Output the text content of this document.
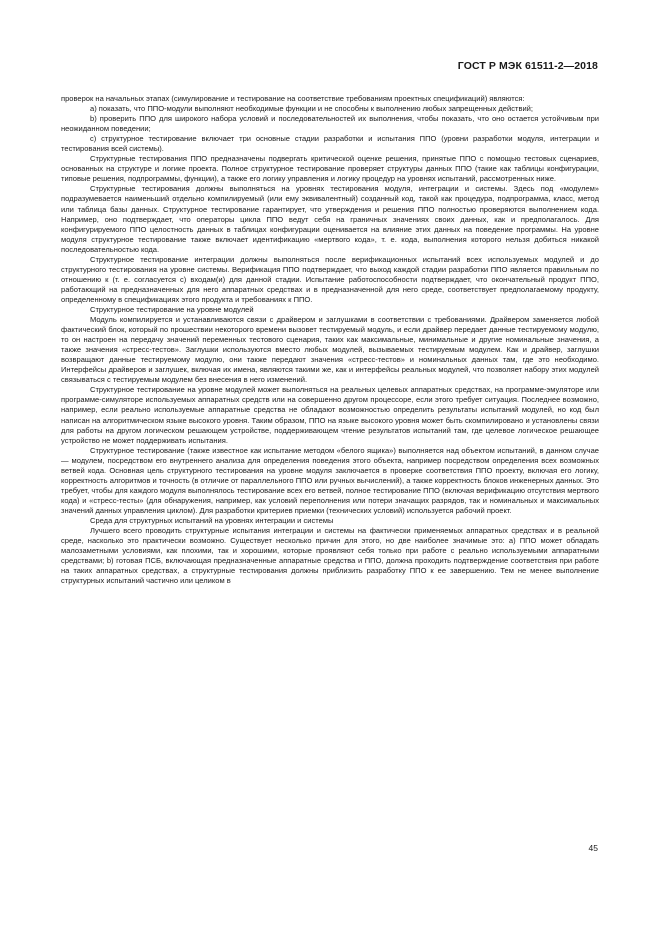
ГОСТ Р МЭК 61511-2—2018

проверок на начальных этапах (симулирование и тестирование на соответствие требованиям проектных спецификаций) являются:

а) показать, что ППО-модули выполняют необходимые функции и не способны к выполнению любых запрещенных действий;

b) проверить ППО для широкого набора условий и последовательностей их выполнения, чтобы показать, что оно остается устойчивым при неожиданном поведении;

с) структурное тестирование включает три основные стадии разработки и испытания ППО (уровни разработки модуля, интеграции и тестирования всей системы).

Структурные тестирования ППО предназначены подвергать критической оценке решения, принятые ППО с помощью тестовых сценариев, основанных на структуре и логике проекта. Полное структурное тестирование проверяет структуры данных ППО (такие как таблицы конфигурации, типовые решения, подпрограммы, функции), а также его логику управления и логику процедур на уровнях испытаний, рассмотренных ниже.

Структурные тестирования должны выполняться на уровнях тестирования модуля, интеграции и системы. Здесь под «модулем» подразумевается наименьший отдельно компилируемый (или ему эквивалентный) созданный код, такой как процедура, подпрограмма, класс, метод или таблица базы данных. Структурное тестирование гарантирует, что утверждения и решения ППО полностью проверяются выполнением кода. Например, оно подтверждает, что операторы цикла ППО ведут себя на граничных значениях своих данных, как и предполагалось. Для конфигурируемого ППО целостность данных в таблицах конфигурации оценивается на влияние этих данных на поведение программы. На уровне модуля структурное тестирование также включает идентификацию «мертвого кода», т. е. кода, выполнения которого нельзя добиться никакой последовательностью кода.

Структурное тестирование интеграции должны выполняться после верификационных испытаний всех используемых модулей и до структурного тестирования на уровне системы. Верификация ППО подтверждает, что выход каждой стадии разработки ППО является правильным по отношению к (т. е. согласуется с) входам(и) для данной стадии. Испытание работоспособности подтверждает, что окончательный продукт ППО, работающий на предназначенных для него аппаратных средствах и в предназначенной для него среде, соответствует предполагаемому продукту, определенному в спецификациях этого продукта и требованиях к ППО.

Структурное тестирование на уровне модулей

Модуль компилируется и устанавливаются связи с драйвером и заглушками в соответствии с требованиями. Драйвером заменяется любой фактический блок, который по прошествии некоторого времени вызовет тестируемый модуль, и если драйвер передает данные тестируемому модулю, то он настроен на передачу значений переменных тестового сценария, таких как максимальные, минимальные и другие номинальные значения, а также значения «стресс-тестов». Заглушки используются вместо любых модулей, вызываемых тестируемым модулем. Как и драйвер, заглушки возвращают данные тестируемому модулю, они также передают значения «стресс-тестов» и номинальных данных там, где это необходимо. Интерфейсы драйверов и заглушек, включая их имена, являются такими же, как и интерфейсы реальных модулей, что позволяет набору этих модулей связываться с тестируемым модулем без внесения в него изменений.

Структурное тестирование на уровне модулей может выполняться на реальных целевых аппаратных средствах, на программе-эмуляторе или программе-симуляторе используемых аппаратных средств или на совершенно другом процессоре, если этого требует ситуация. Последнее возможно, например, если реально используемые аппаратные средства не обладают возможностью определить результаты испытаний модулей, но код был написан на алгоритмическом языке высокого уровня. Таким образом, ППО на языке высокого уровня может быть скомпилировано и установлены связи для работы на другом логическом решающем устройстве, поддерживающем чтение результатов испытаний там, где целевое логическое решающее устройство не может поддерживать испытания.

Структурное тестирование (также известное как испытание методом «белого ящика») выполняется над объектом испытаний, в данном случае — модулем, посредством его внутреннего анализа для определения поведения этого объекта, например посредством определения всех возможных ветвей кода. Основная цель структурного тестирования на уровне модуля заключается в проверке соответствия ППО проекту, включая его логику, корректность алгоритмов и точность (в отличие от параллельного ППО или ручных вычислений), а также корректность блоков инженерных данных. Это требует, чтобы для каждого модуля выполнялось тестирование всех его ветвей, полное тестирование ППО (включая верификацию отсутствия мертвого кода) и «стресс-тесты» (для обнаружения, например, как условий переполнения или потери значащих разрядов, так и номинальных и максимальных значений данных управления циклом). Для разработки критериев приемки (технических условий) используется рабочий проект.

Среда для структурных испытаний на уровнях интеграции и системы

Лучшего всего проводить структурные испытания интеграции и системы на фактически применяемых аппаратных средствах и в реальной среде, насколько это практически возможно. Существует несколько причин для этого, но две наиболее значимые это: а) ППО может обладать малозаметными условиями, как плохими, так и хорошими, которые проявляют себя только при работе с реально используемыми аппаратными средствами; b) готовая ПСБ, включающая предназначенные аппаратные средства и ППО, должна проходить подтверждение соответствия при работе на таких аппаратных средствах, а структурные тестирования должны приблизить разработку ППО к ее завершению. Тем не менее выполнение структурных испытаний частично или целиком в

45
